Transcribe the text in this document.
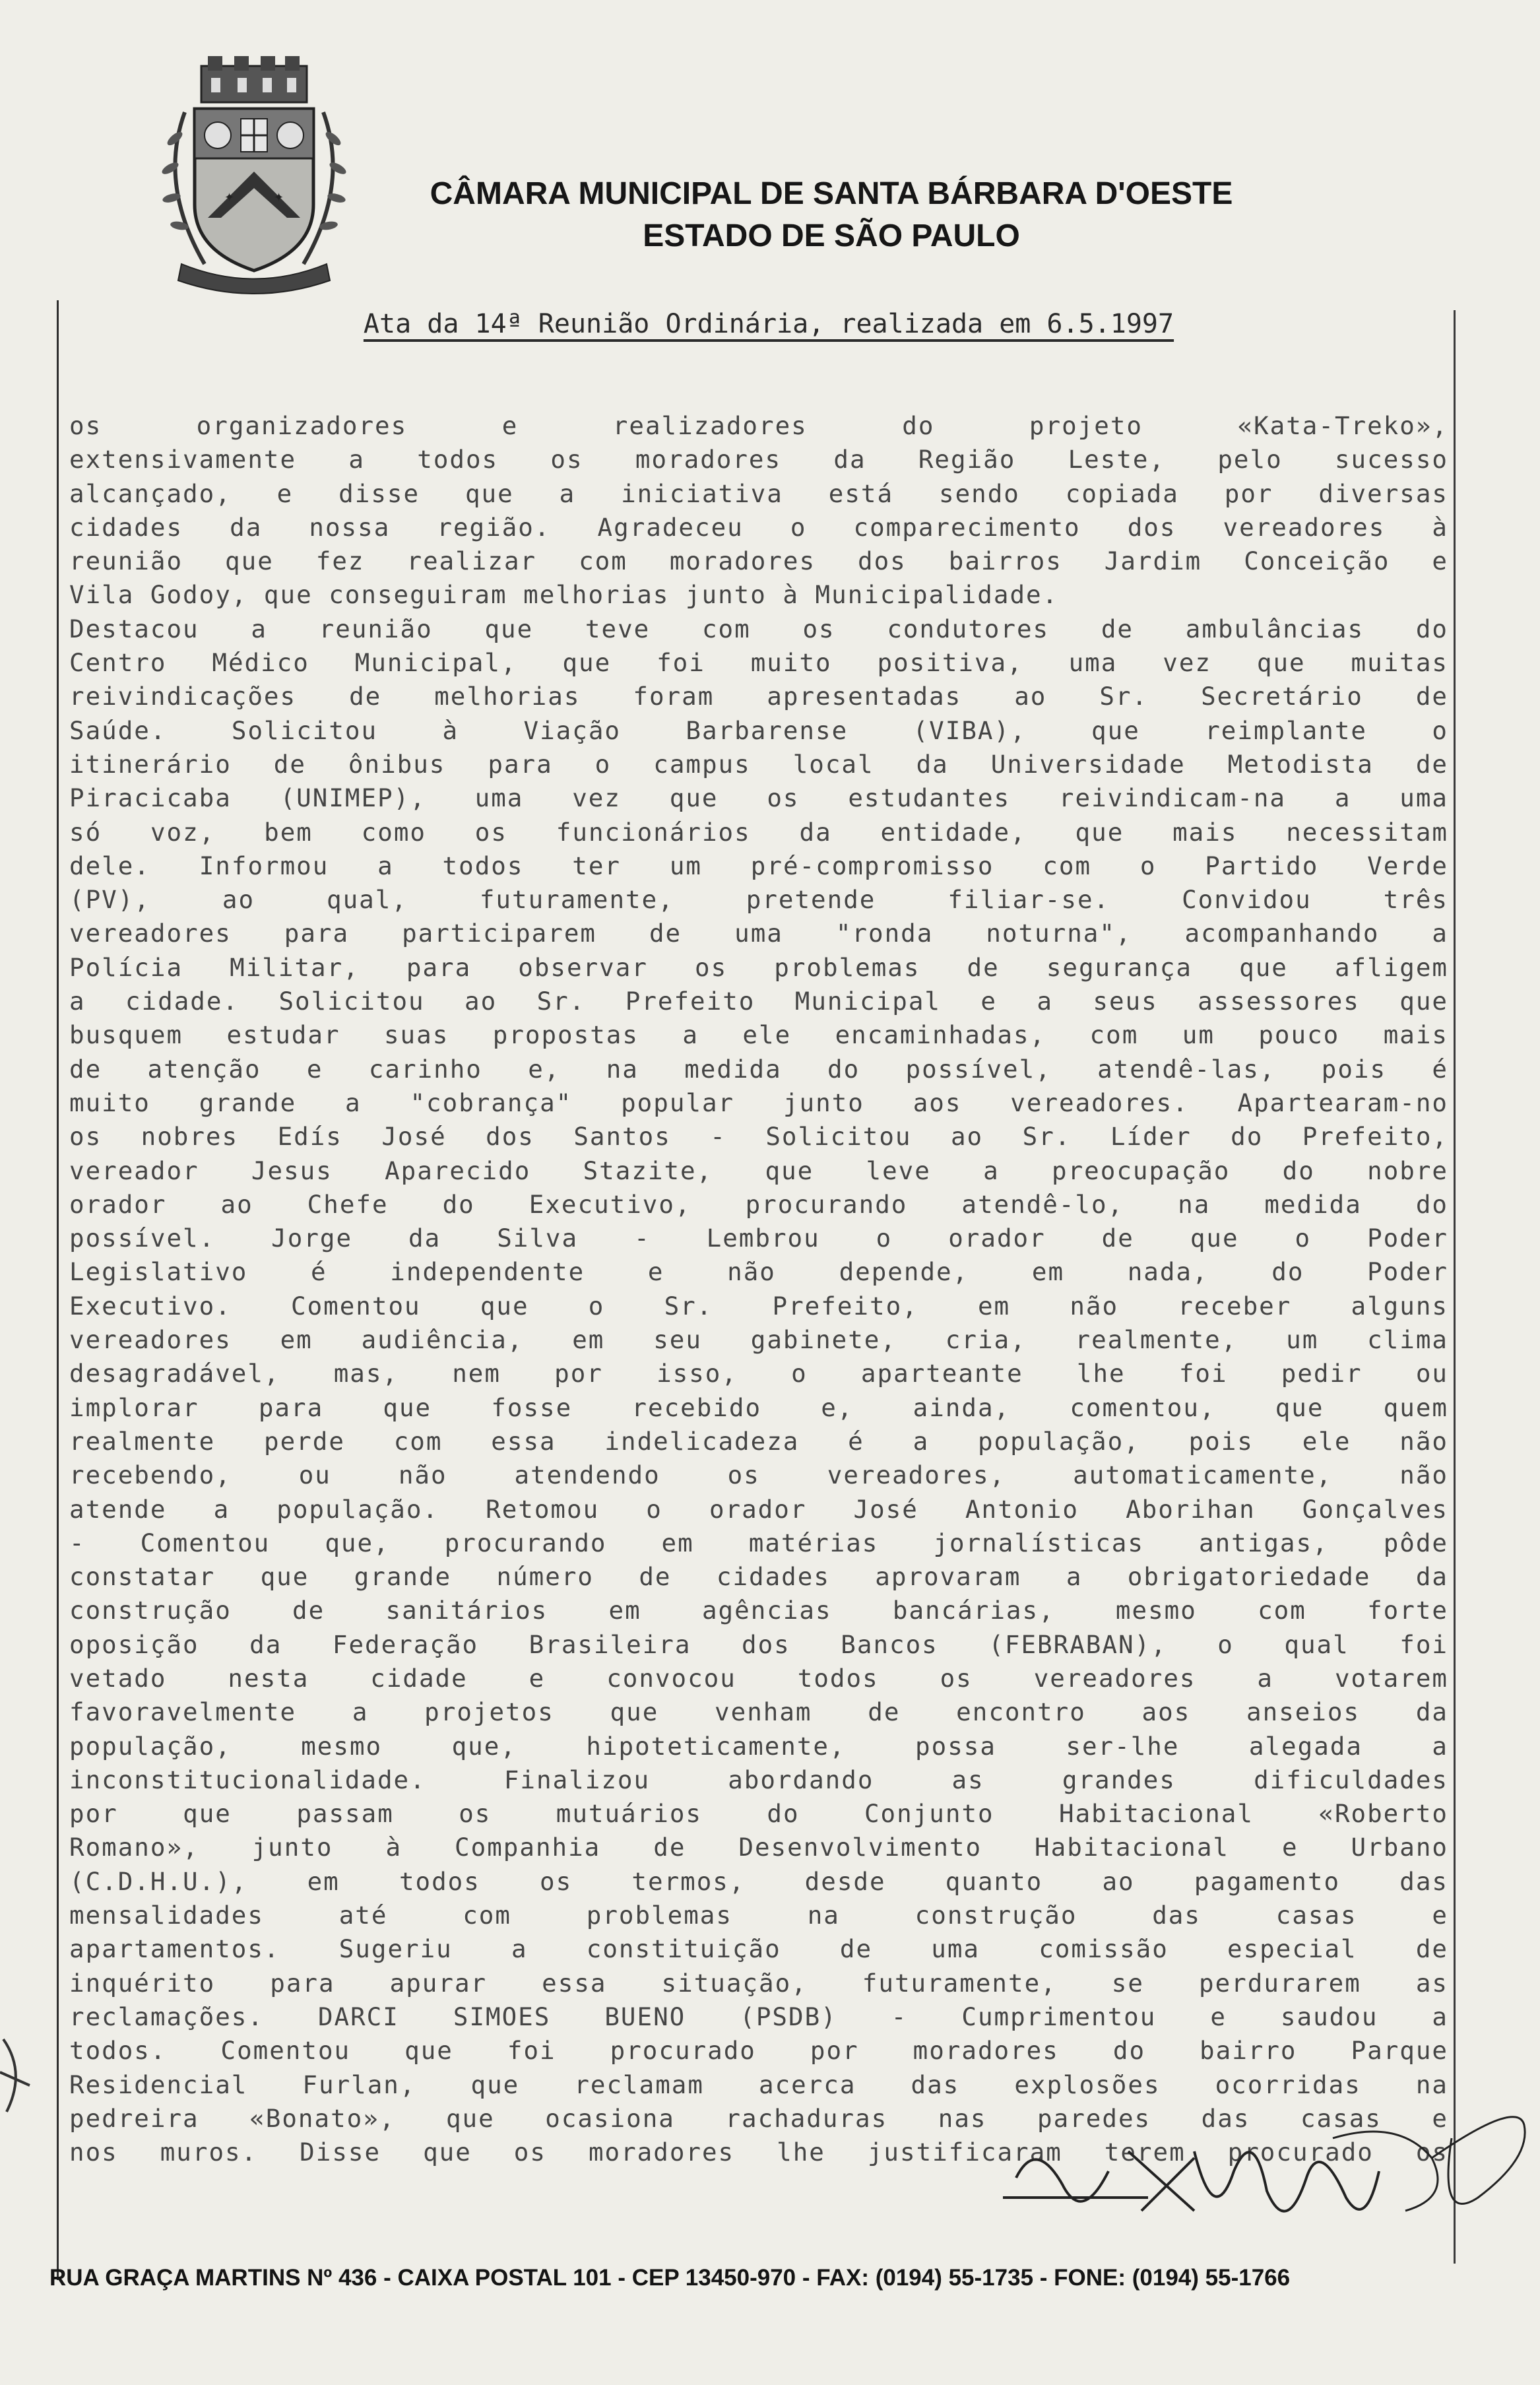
✦	✦	CÂMARA MUNICIPAL DE SANTA BÁRBARA D'OESTE
ESTADO DE SÃO PAULO
Ata da 14ª Reunião Ordinária, realizada em 6.5.1997
os organizadores e realizadores do projeto «Kata-Treko»,
extensivamente a todos os moradores da Região Leste, pelo sucesso
alcançado, e disse que a iniciativa está sendo copiada por diversas
cidades da nossa região. Agradeceu o comparecimento dos vereadores à
reunião que fez realizar com moradores dos bairros Jardim Conceição e
Vila Godoy, que conseguiram melhorias junto à Municipalidade.
Destacou a reunião que teve com os condutores de ambulâncias do
Centro Médico Municipal, que foi muito positiva, uma vez que muitas
reivindicações de melhorias foram apresentadas ao Sr. Secretário de
Saúde. Solicitou à Viação Barbarense (VIBA), que reimplante o
itinerário de ônibus para o campus local da Universidade Metodista de
Piracicaba (UNIMEP), uma vez que os estudantes reivindicam-na a uma
só voz, bem como os funcionários da entidade, que mais necessitam
dele. Informou a todos ter um pré-compromisso com o Partido Verde
(PV), ao qual, futuramente, pretende filiar-se. Convidou três
vereadores para participarem de uma "ronda noturna", acompanhando a
Polícia Militar, para observar os problemas de segurança que afligem
a cidade. Solicitou ao Sr. Prefeito Municipal e a seus assessores que
busquem estudar suas propostas a ele encaminhadas, com um pouco mais
de atenção e carinho e, na medida do possível, atendê-las, pois é
muito grande a "cobrança" popular junto aos vereadores. Apartearam-no
os nobres Edís José dos Santos - Solicitou ao Sr. Líder do Prefeito,
vereador Jesus Aparecido Stazite, que leve a preocupação do nobre
orador ao Chefe do Executivo, procurando atendê-lo, na medida do
possível. Jorge da Silva - Lembrou o orador de que o Poder
Legislativo é independente e não depende, em nada, do Poder
Executivo. Comentou que o Sr. Prefeito, em não receber alguns
vereadores em audiência, em seu gabinete, cria, realmente, um clima
desagradável, mas, nem por isso, o aparteante lhe foi pedir ou
implorar para que fosse recebido e, ainda, comentou, que quem
realmente perde com essa indelicadeza é a população, pois ele não
recebendo, ou não atendendo os vereadores, automaticamente, não
atende a população. Retomou o orador José Antonio Aborihan Gonçalves
- Comentou que, procurando em matérias jornalísticas antigas, pôde
constatar que grande número de cidades aprovaram a obrigatoriedade da
construção de sanitários em agências bancárias, mesmo com forte
oposição da Federação Brasileira dos Bancos (FEBRABAN), o qual foi
vetado nesta cidade e convocou todos os vereadores a votarem
favoravelmente a projetos que venham de encontro aos anseios da
população, mesmo que, hipoteticamente, possa ser-lhe alegada a
inconstitucionalidade. Finalizou abordando as grandes dificuldades
por que passam os mutuários do Conjunto Habitacional «Roberto
Romano», junto à Companhia de Desenvolvimento Habitacional e Urbano
(C.D.H.U.), em todos os termos, desde quanto ao pagamento das
mensalidades até com problemas na construção das casas e
apartamentos. Sugeriu a constituição de uma comissão especial de
inquérito para apurar essa situação, futuramente, se perdurarem as
reclamações. DARCI SIMOES BUENO (PSDB) - Cumprimentou e saudou a
todos. Comentou que foi procurado por moradores do bairro Parque
Residencial Furlan, que reclamam acerca das explosões ocorridas na
pedreira «Bonato», que ocasiona rachaduras nas paredes das casas e
nos muros. Disse que os moradores lhe justificaram terem procurado os
RUA GRAÇA MARTINS Nº 436 - CAIXA POSTAL 101 - CEP 13450-970 - FAX: (0194) 55-1735 - FONE: (0194) 55-1766
